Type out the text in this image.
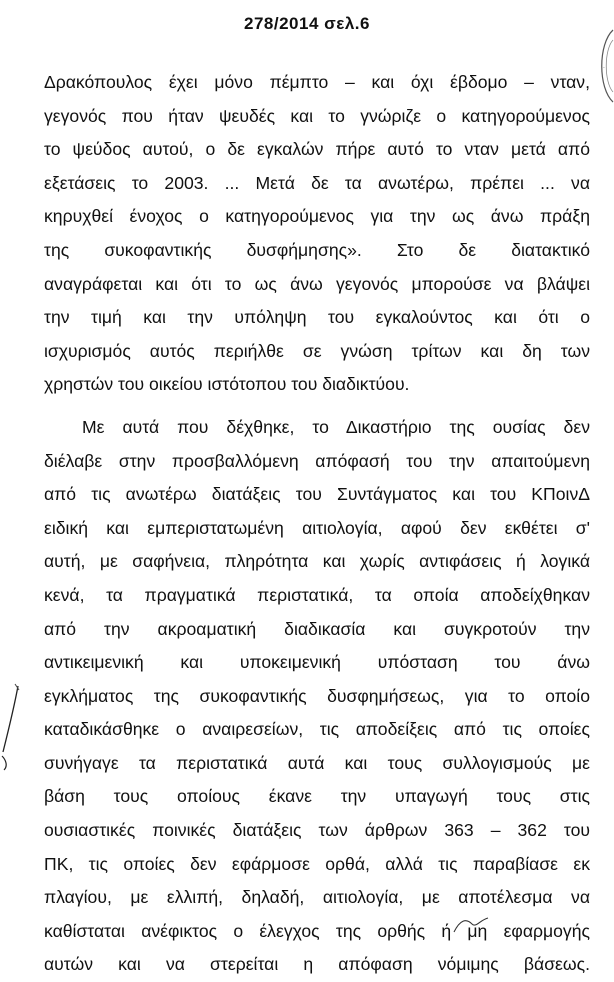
278/2014 σελ.6
·
Δρακόπουλος έχει μόνο πέμπτο – και όχι έβδομο – νταν,
γεγονός που ήταν ψευδές και το γνώριζε ο κατηγορούμενος
το ψεύδος αυτού, ο δε εγκαλών πήρε αυτό το νταν μετά από
εξετάσεις το 2003. ... Μετά δε τα ανωτέρω, πρέπει ... να
κηρυχθεί ένοχος ο κατηγορούμενος για την ως άνω πράξη
της συκοφαντικής δυσφήμησης». Στο δε διατακτικό
αναγράφεται και ότι το ως άνω γεγονός μπορούσε να βλάψει
την τιμή και την υπόληψη του εγκαλούντος και ότι ο
ισχυρισμός αυτός περιήλθε σε γνώση τρίτων και δη των
χρηστών του οικείου ιστότοπου του διαδικτύου.
Με αυτά που δέχθηκε, το Δικαστήριο της ουσίας δεν
διέλαβε στην προσβαλλόμενη απόφασή του την απαιτούμενη
από τις ανωτέρω διατάξεις του Συντάγματος και του ΚΠοινΔ
ειδική και εμπεριστατωμένη αιτιολογία, αφού δεν εκθέτει σ'
αυτή, με σαφήνεια, πληρότητα και χωρίς αντιφάσεις ή λογικά
κενά, τα πραγματικά περιστατικά, τα οποία αποδείχθηκαν
από την ακροαματική διαδικασία και συγκροτούν την
αντικειμενική και υποκειμενική υπόσταση του άνω
εγκλήματος της συκοφαντικής δυσφημήσεως, για το οποίο
καταδικάσθηκε ο αναιρεσείων, τις αποδείξεις από τις οποίες
συνήγαγε τα περιστατικά αυτά και τους συλλογισμούς με
βάση τους οποίους έκανε την υπαγωγή τους στις
ουσιαστικές ποινικές διατάξεις των άρθρων 363 – 362 του
ΠΚ, τις οποίες δεν εφάρμοσε ορθά, αλλά τις παραβίασε εκ
πλαγίου, με ελλιπή, δηλαδή, αιτιολογία, με αποτέλεσμα να
καθίσταται ανέφικτος ο έλεγχος της ορθής ή μη εφαρμογής
αυτών και να στερείται η απόφαση νόμιμης βάσεως.
